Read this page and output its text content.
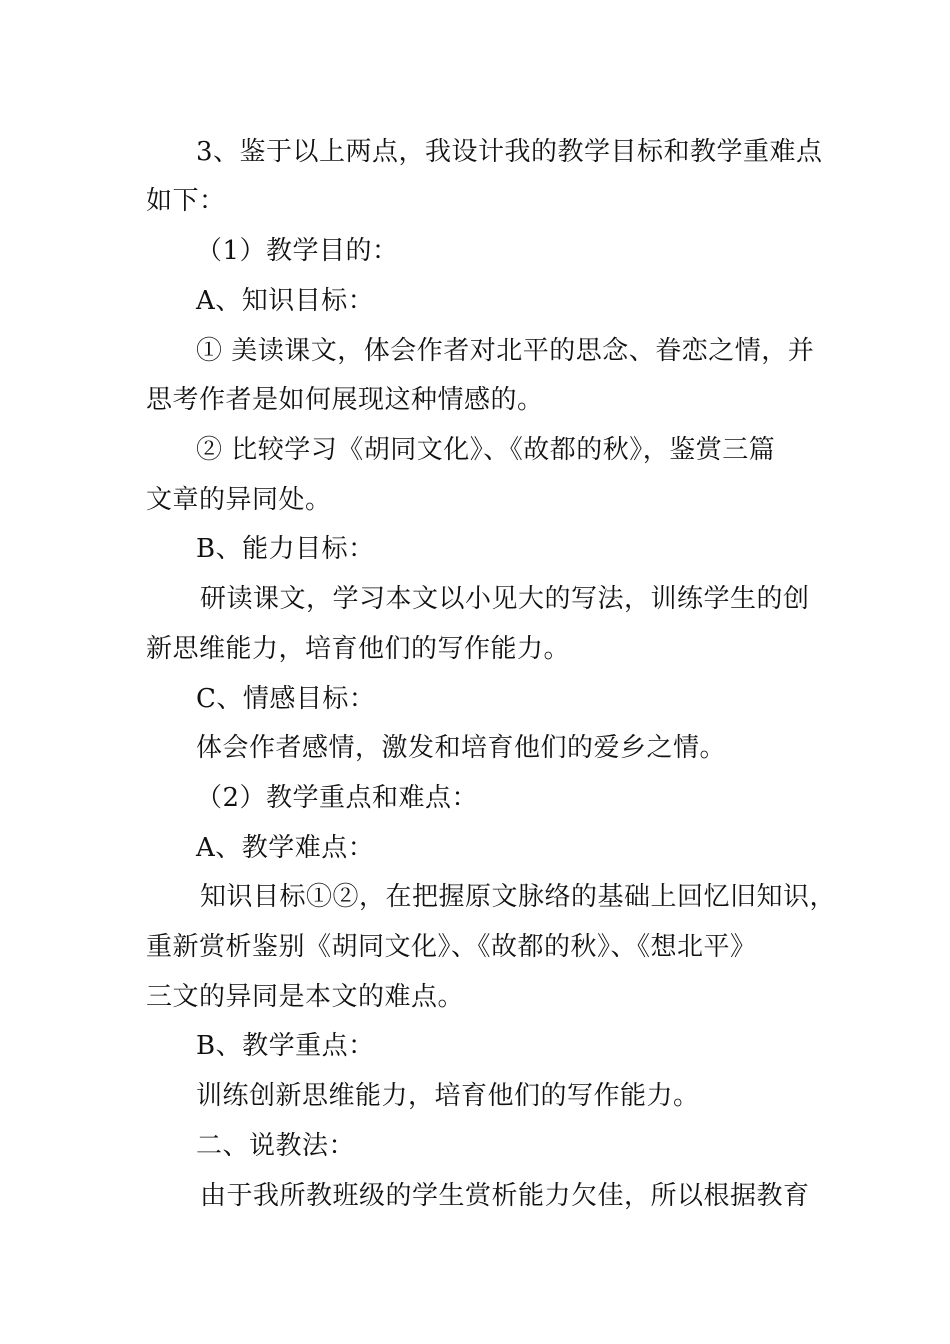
3、鉴于以上两点，我设计我的教学目标和教学重难点
如下：
（1）教学目的：
A、知识目标：
① 美读课文，体会作者对北平的思念、眷恋之情，并
思考作者是如何展现这种情感的。
② 比较学习《胡同文化》、《故都的秋》，鉴赏三篇
文章的异同处。
B、能力目标：
研读课文，学习本文以小见大的写法，训练学生的创
新思维能力，培育他们的写作能力。
C、情感目标：
体会作者感情，激发和培育他们的爱乡之情。
（2）教学重点和难点：
A、教学难点：
知识目标①②，在把握原文脉络的基础上回忆旧知识，
重新赏析鉴别《胡同文化》、《故都的秋》、《想北平》
三文的异同是本文的难点。
B、教学重点：
训练创新思维能力，培育他们的写作能力。
二、说教法：
由于我所教班级的学生赏析能力欠佳，所以根据教育
